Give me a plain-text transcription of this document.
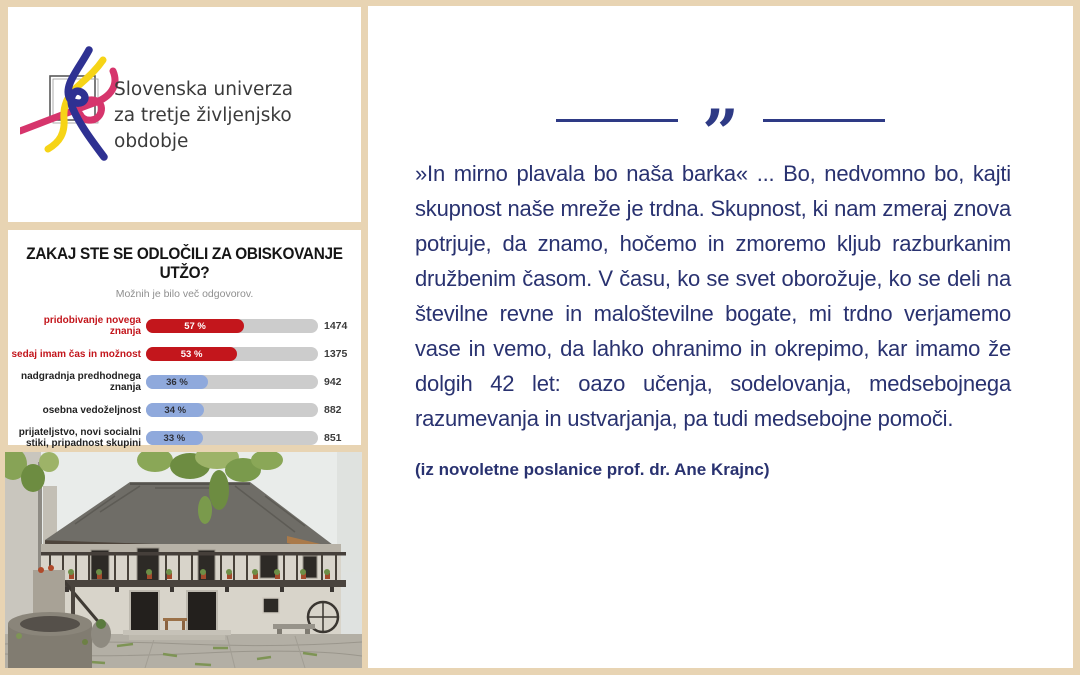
Slovenska univerza
za tretje življenjsko obdobje
ZAKAJ STE SE ODLOČILI ZA OBISKOVANJE UTŽO?
Možnih je bilo več odgovorov.
pridobivanje novega znanja	57 %	1474
sedaj imam čas in možnost	53 %	1375
nadgradnja predhodnega znanja	36 %	942
osebna vedoželjnost	34 %	882
prijateljstvo, novi socialni stiki, pripadnost skupini	33 %	851
”
»In mirno plavala bo naša barka« ... Bo, nedvomno bo, kajti skupnost naše mreže je trdna. Skupnost, ki nam zmeraj znova potrjuje, da znamo, hočemo in zmoremo kljub razburkanim družbenim časom. V času, ko se svet oborožuje, ko se deli na številne revne in maloštevilne bogate, mi trdno verjamemo vase in vemo, da lahko ohranimo in okrepimo, kar imamo že dolgih 42 let: oazo učenja, sodelovanja, medsebojnega razumevanja in ustvarjanja, pa tudi medsebojne pomoči.
(iz novoletne poslanice prof. dr. Ane Krajnc)
